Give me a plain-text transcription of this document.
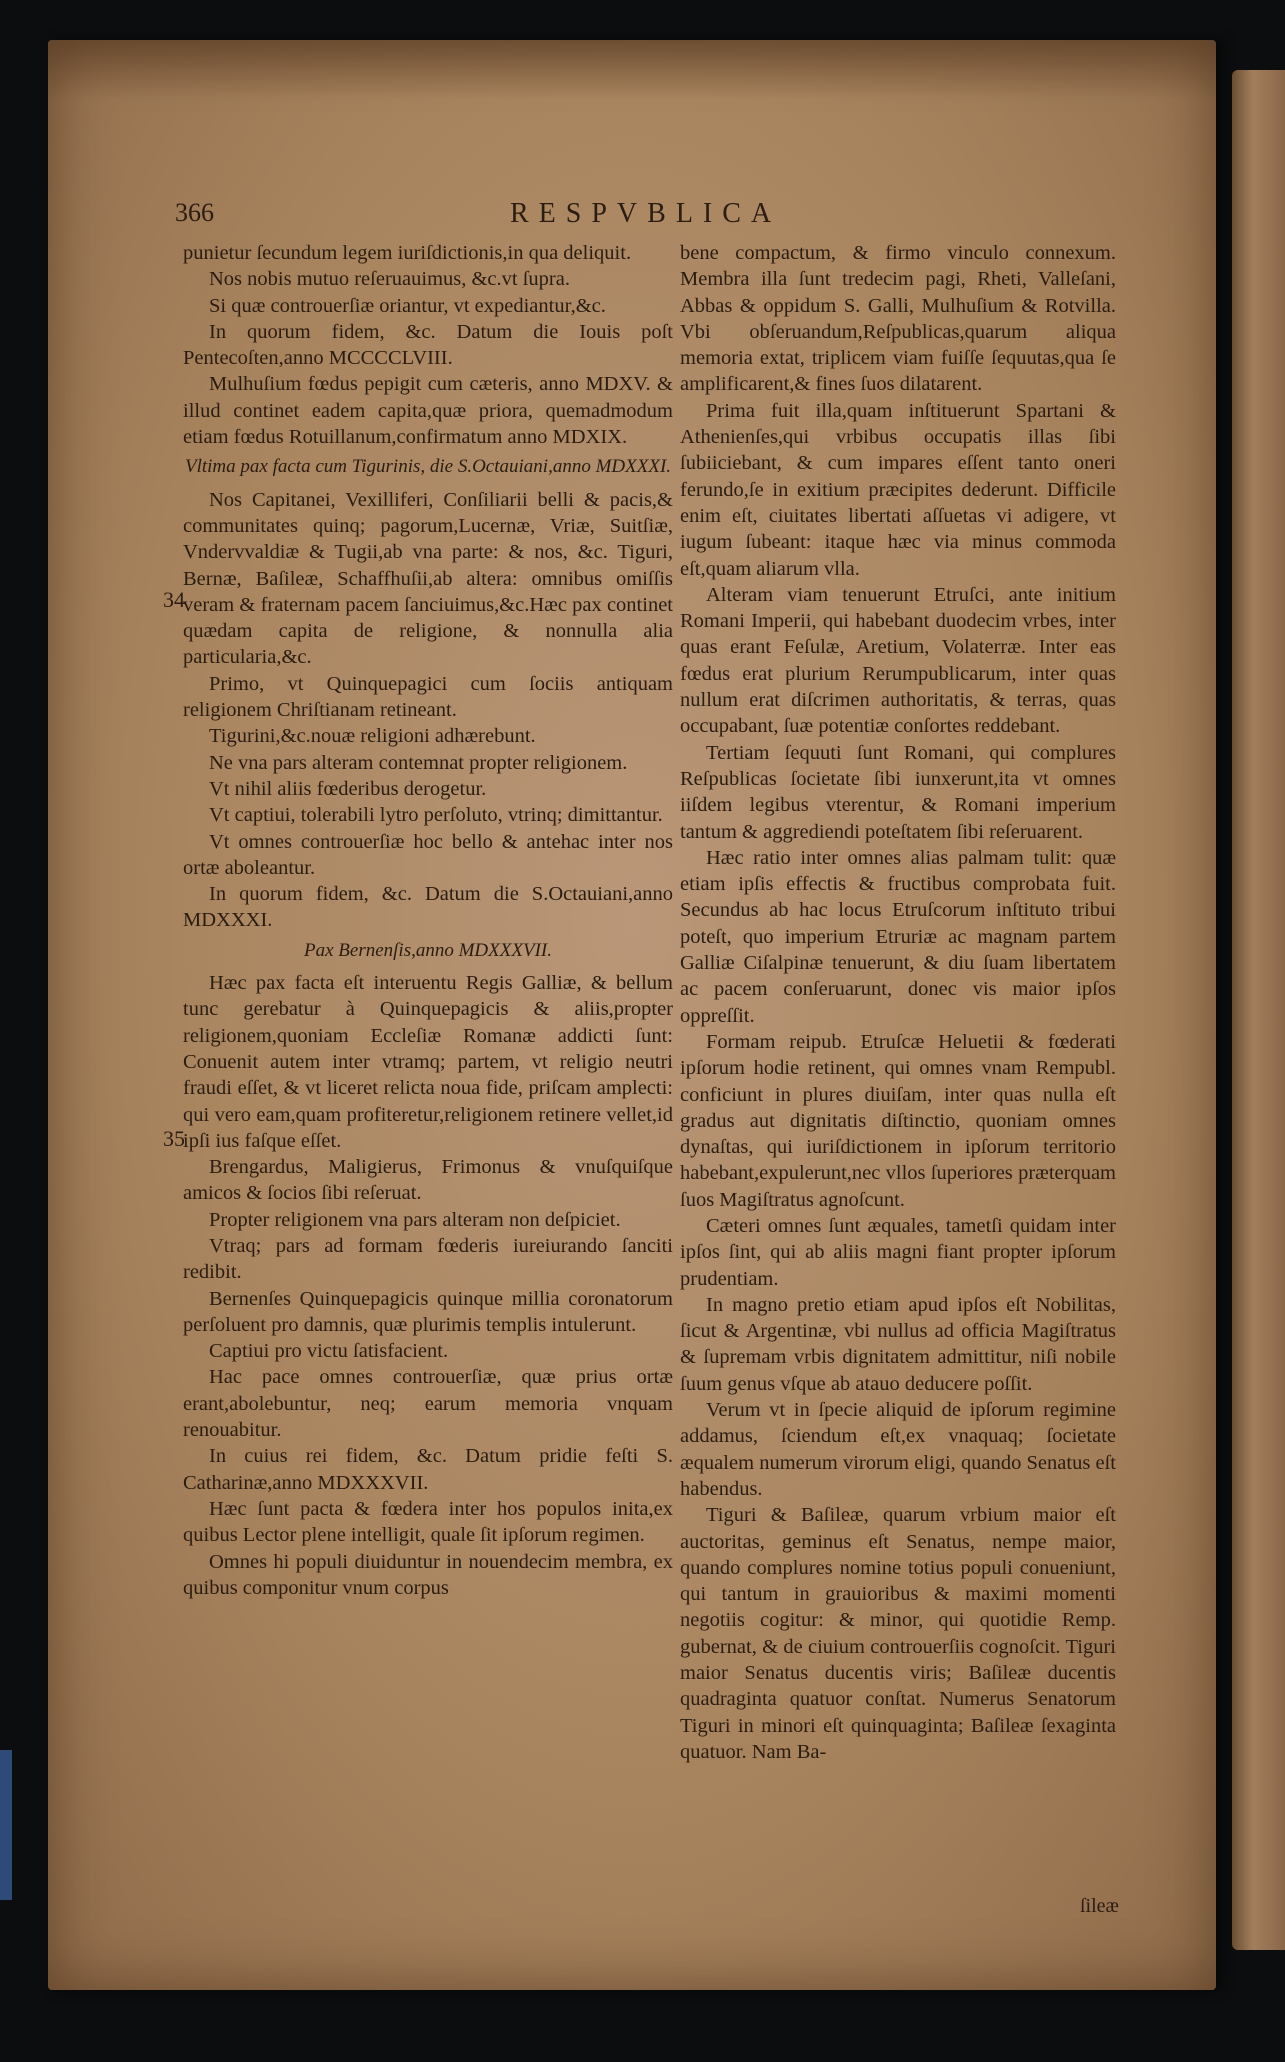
366	RESPVBLICA
34
35

punietur ſecundum legem iuriſdictionis,in qua deliquit.

Nos nobis mutuo reſeruauimus, &c.vt ſupra.

Si quæ controuerſiæ oriantur, vt expediantur,&c.

In quorum fidem, &c. Datum die Iouis poſt Pentecoſten,anno MCCCCLVIII.

Mulhuſium fœdus pepigit cum cæteris, anno MDXV. & illud continet eadem capita,quæ priora, quemadmodum etiam fœdus Rotuillanum,confirmatum anno MDXIX.

Vltima pax facta cum Tigurinis, die S.Octauiani,anno MDXXXI.

Nos Capitanei, Vexilliferi, Conſiliarii belli & pacis,& communitates quinq; pagorum,Lucernæ, Vriæ, Suitſiæ, Vndervvaldiæ & Tugii,ab vna parte: & nos, &c. Tiguri, Bernæ, Baſileæ, Schaffhuſii,ab altera: omnibus omiſſis veram & fraternam pacem ſanciuimus,&c.Hæc pax continet quædam capita de religione, & nonnulla alia particularia,&c.

Primo, vt Quinquepagici cum ſociis antiquam religionem Chriſtianam retineant.

Tigurini,&c.nouæ religioni adhærebunt.

Ne vna pars alteram contemnat propter religionem.

Vt nihil aliis fœderibus derogetur.

Vt captiui, tolerabili lytro perſoluto, vtrinq; dimittantur.

Vt omnes controuerſiæ hoc bello & antehac inter nos ortæ aboleantur.

In quorum fidem, &c. Datum die S.Octauiani,anno MDXXXI.

Pax Bernenſis,anno MDXXXVII.

Hæc pax facta eſt interuentu Regis Galliæ, & bellum tunc gerebatur à Quinquepagicis & aliis,propter religionem,quoniam Eccleſiæ Romanæ addicti ſunt: Conuenit autem inter vtramq; partem, vt religio neutri fraudi eſſet, & vt liceret relicta noua fide, priſcam amplecti: qui vero eam,quam profiteretur,religionem retinere vellet,id ipſi ius faſque eſſet.

Brengardus, Maligierus, Frimonus & vnuſquiſque amicos & ſocios ſibi reſeruat.

Propter religionem vna pars alteram non deſpiciet.

Vtraq; pars ad formam fœderis iureiurando ſanciti redibit.

Bernenſes Quinquepagicis quinque millia coronatorum perſoluent pro damnis, quæ plurimis templis intulerunt.

Captiui pro victu ſatisfacient.

Hac pace omnes controuerſiæ, quæ prius ortæ erant,abolebuntur, neq; earum memoria vnquam renouabitur.

In cuius rei fidem, &c. Datum pridie feſti S. Catharinæ,anno MDXXXVII.

Hæc ſunt pacta & fœdera inter hos populos inita,ex quibus Lector plene intelligit, quale ſit ipſorum regimen.

Omnes hi populi diuiduntur in nouendecim membra, ex quibus componitur vnum corpus

bene compactum, & firmo vinculo connexum. Membra illa ſunt tredecim pagi, Rheti, Valleſani, Abbas & oppidum S. Galli, Mulhuſium & Rotvilla. Vbi obſeruandum,Reſpublicas,quarum aliqua memoria extat, triplicem viam fuiſſe ſequutas,qua ſe amplificarent,& fines ſuos dilatarent.

Prima fuit illa,quam inſtituerunt Spartani & Athenienſes,qui vrbibus occupatis illas ſibi ſubiiciebant, & cum impares eſſent tanto oneri ferundo,ſe in exitium præcipites dederunt. Difficile enim eſt, ciuitates libertati aſſuetas vi adigere, vt iugum ſubeant: itaque hæc via minus commoda eſt,quam aliarum vlla.

Alteram viam tenuerunt Etruſci, ante initium Romani Imperii, qui habebant duodecim vrbes, inter quas erant Feſulæ, Aretium, Volaterræ. Inter eas fœdus erat plurium Rerumpublicarum, inter quas nullum erat diſcrimen authoritatis, & terras, quas occupabant, ſuæ potentiæ conſortes reddebant.

Tertiam ſequuti ſunt Romani, qui complures Reſpublicas ſocietate ſibi iunxerunt,ita vt omnes iiſdem legibus vterentur, & Romani imperium tantum & aggrediendi poteſtatem ſibi reſeruarent.

Hæc ratio inter omnes alias palmam tulit: quæ etiam ipſis effectis & fructibus comprobata fuit. Secundus ab hac locus Etruſcorum inſtituto tribui poteſt, quo imperium Etruriæ ac magnam partem Galliæ Ciſalpinæ tenuerunt, & diu ſuam libertatem ac pacem conſeruarunt, donec vis maior ipſos oppreſſit.

Formam reipub. Etruſcæ Heluetii & fœderati ipſorum hodie retinent, qui omnes vnam Rempubl. conficiunt in plures diuiſam, inter quas nulla eſt gradus aut dignitatis diſtinctio, quoniam omnes dynaſtas, qui iuriſdictionem in ipſorum territorio habebant,expulerunt,nec vllos ſuperiores præterquam ſuos Magiſtratus agnoſcunt.

Cæteri omnes ſunt æquales, tametſi quidam inter ipſos ſint, qui ab aliis magni fiant propter ipſorum prudentiam.

In magno pretio etiam apud ipſos eſt Nobilitas, ſicut & Argentinæ, vbi nullus ad officia Magiſtratus & ſupremam vrbis dignitatem admittitur, niſi nobile ſuum genus vſque ab atauo deducere poſſit.

Verum vt in ſpecie aliquid de ipſorum regimine addamus, ſciendum eſt,ex vnaquaq; ſocietate æqualem numerum virorum eligi, quando Senatus eſt habendus.

Tiguri & Baſileæ, quarum vrbium maior eſt auctoritas, geminus eſt Senatus, nempe maior, quando complures nomine totius populi conueniunt, qui tantum in grauioribus & maximi momenti negotiis cogitur: & minor, qui quotidie Remp. gubernat, & de ciuium controuerſiis cognoſcit. Tiguri maior Senatus ducentis viris; Baſileæ ducentis quadraginta quatuor conſtat. Numerus Senatorum Tiguri in minori eſt quinquaginta; Baſileæ ſexaginta quatuor. Nam Ba-

ſileæ
